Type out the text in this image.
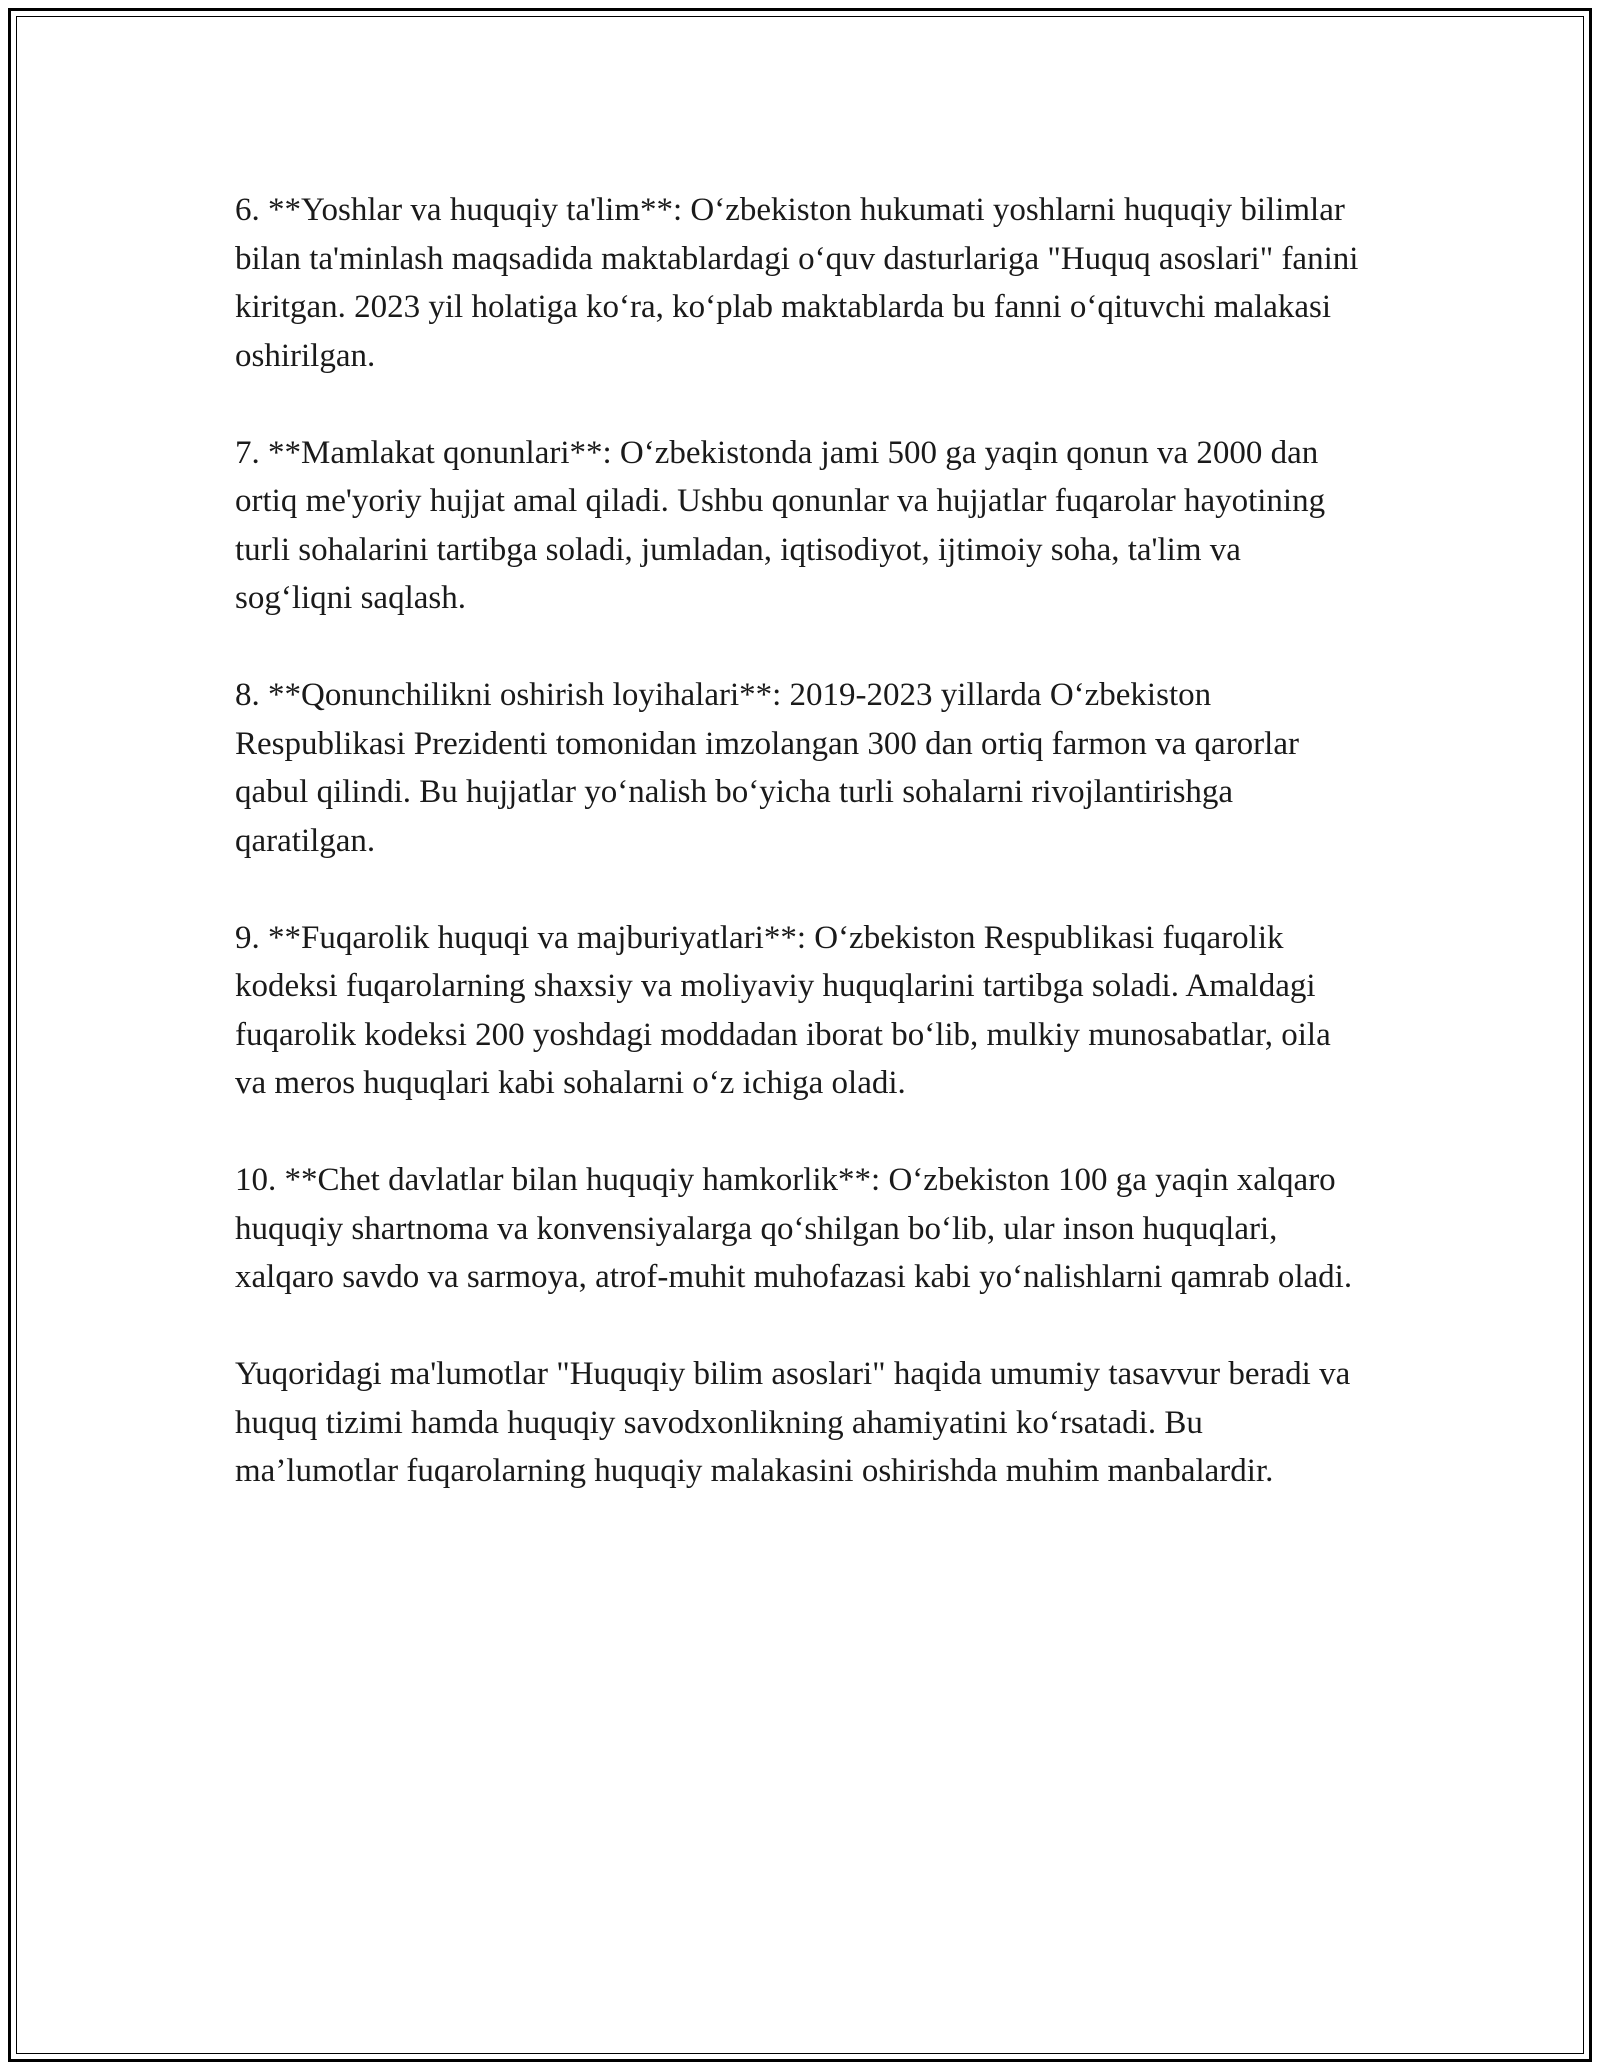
6. **Yoshlar va huquqiy ta'lim**: O‘zbekiston hukumati yoshlarni huquqiy bilimlar bilan ta'minlash maqsadida maktablardagi o‘quv dasturlariga "Huquq asoslari" fanini kiritgan. 2023 yil holatiga ko‘ra, ko‘plab maktablarda bu fanni o‘qituvchi malakasi oshirilgan.

7. **Mamlakat qonunlari**: O‘zbekistonda jami 500 ga yaqin qonun va 2000 dan ortiq me'yoriy hujjat amal qiladi. Ushbu qonunlar va hujjatlar fuqarolar hayotining turli sohalarini tartibga soladi, jumladan, iqtisodiyot, ijtimoiy soha, ta'lim va sog‘liqni saqlash.

8. **Qonunchilikni oshirish loyihalari**: 2019-2023 yillarda O‘zbekiston Respublikasi Prezidenti tomonidan imzolangan 300 dan ortiq farmon va qarorlar qabul qilindi. Bu hujjatlar yo‘nalish bo‘yicha turli sohalarni rivojlantirishga qaratilgan.

9. **Fuqarolik huquqi va majburiyatlari**: O‘zbekiston Respublikasi fuqarolik kodeksi fuqarolarning shaxsiy va moliyaviy huquqlarini tartibga soladi. Amaldagi fuqarolik kodeksi 200 yoshdagi moddadan iborat bo‘lib, mulkiy munosabatlar, oila va meros huquqlari kabi sohalarni o‘z ichiga oladi.

10. **Chet davlatlar bilan huquqiy hamkorlik**: O‘zbekiston 100 ga yaqin xalqaro huquqiy shartnoma va konvensiyalarga qo‘shilgan bo‘lib, ular inson huquqlari, xalqaro savdo va sarmoya, atrof-muhit muhofazasi kabi yo‘nalishlarni qamrab oladi.

Yuqoridagi ma'lumotlar "Huquqiy bilim asoslari" haqida umumiy tasavvur beradi va huquq tizimi hamda huquqiy savodxonlikning ahamiyatini ko‘rsatadi. Bu ma’lumotlar fuqarolarning huquqiy malakasini oshirishda muhim manbalardir.
